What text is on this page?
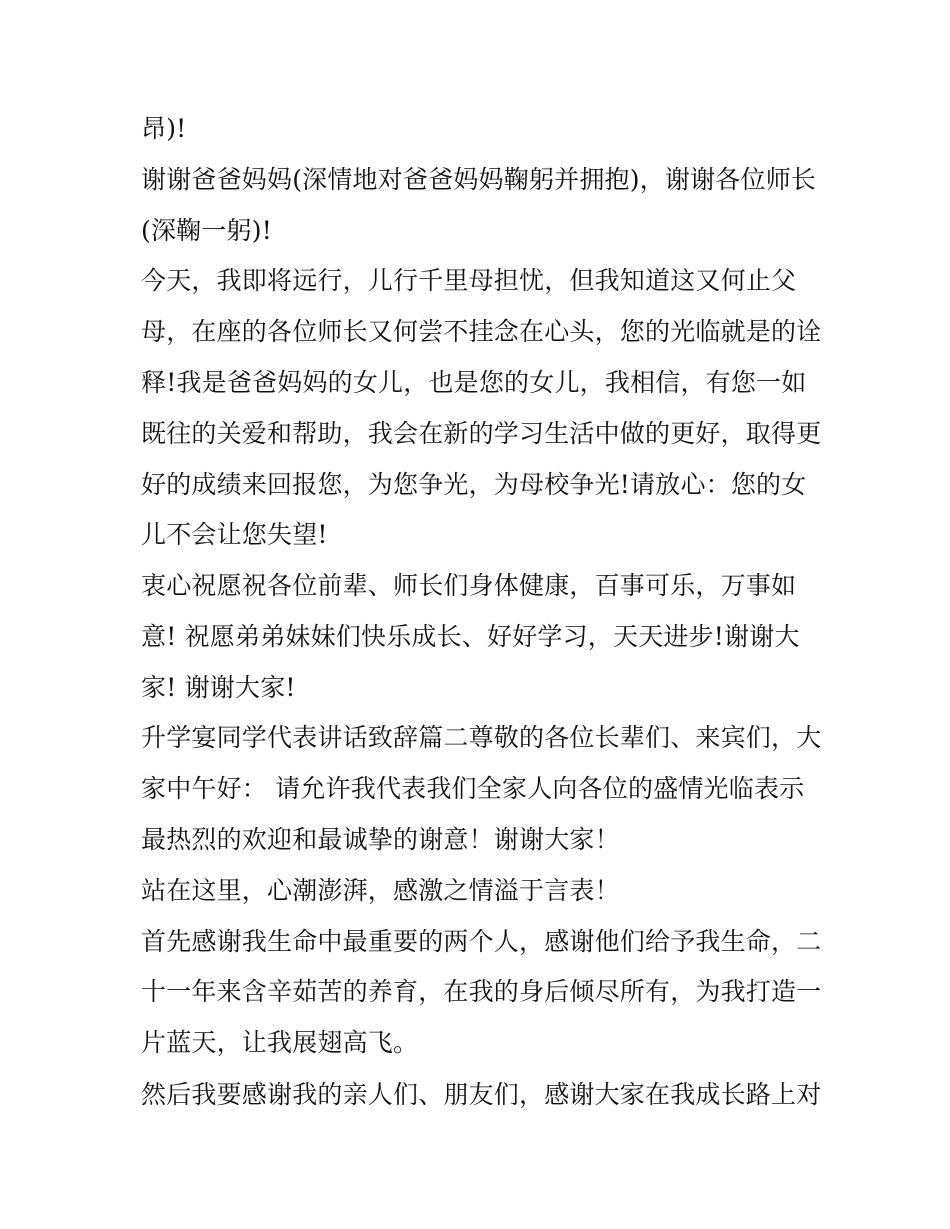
昂)!
谢谢爸爸妈妈(深情地对爸爸妈妈鞠躬并拥抱)，谢谢各位师长
(深鞠一躬)!
今天，我即将远行，儿行千里母担忧，但我知道这又何止父
母，在座的各位师长又何尝不挂念在心头，您的光临就是的诠
释!我是爸爸妈妈的女儿，也是您的女儿，我相信，有您一如
既往的关爱和帮助，我会在新的学习生活中做的更好，取得更
好的成绩来回报您，为您争光，为母校争光!请放心：您的女
儿不会让您失望!
衷心祝愿祝各位前辈、师长们身体健康，百事可乐，万事如
意! 祝愿弟弟妹妹们快乐成长、好好学习，天天进步!谢谢大
家! 谢谢大家!
升学宴同学代表讲话致辞篇二尊敬的各位长辈们、来宾们，大
家中午好： 请允许我代表我们全家人向各位的盛情光临表示
最热烈的欢迎和最诚挚的谢意！谢谢大家！
站在这里，心潮澎湃，感激之情溢于言表！
首先感谢我生命中最重要的两个人，感谢他们给予我生命，二
十一年来含辛茹苦的养育，在我的身后倾尽所有，为我打造一
片蓝天，让我展翅高飞。
然后我要感谢我的亲人们、朋友们，感谢大家在我成长路上对
